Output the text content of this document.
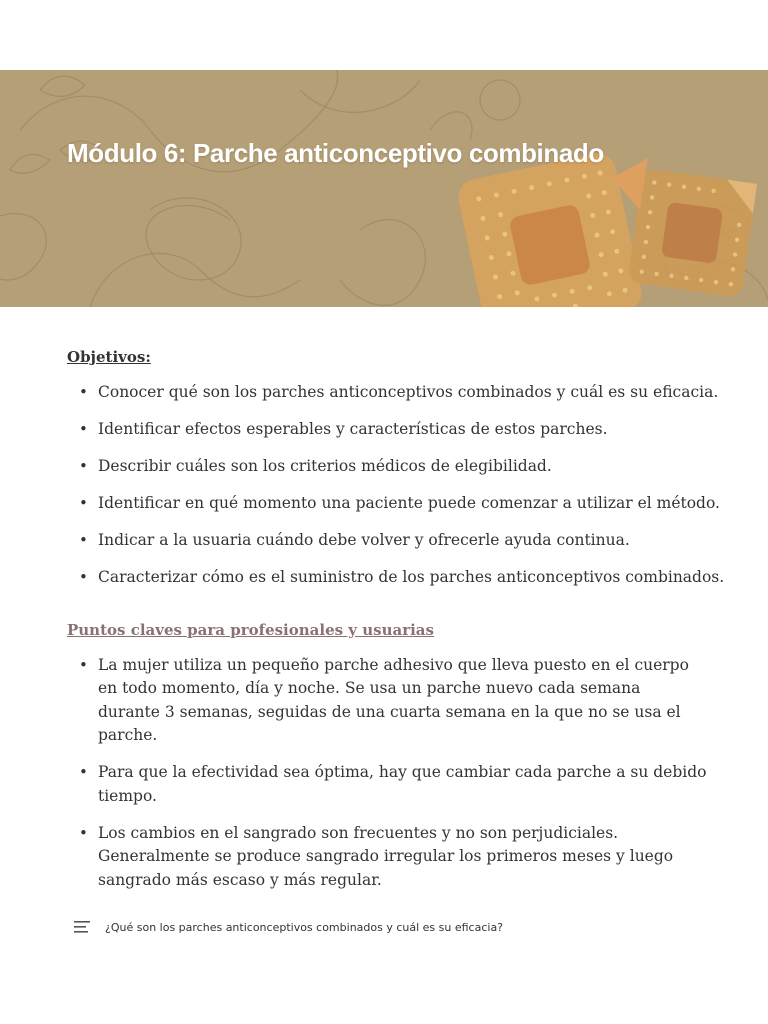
Módulo 6: Parche anticonceptivo combinado
Objetivos:
• Conocer qué son los parches anticonceptivos combinados y cuál es su eficacia.
• Identificar efectos esperables y características de estos parches.
• Describir cuáles son los criterios médicos de elegibilidad.
• Identificar en qué momento una paciente puede comenzar a utilizar el método.
• Indicar a la usuaria cuándo debe volver y ofrecerle ayuda continua.
• Caracterizar cómo es el suministro de los parches anticonceptivos combinados.
Puntos claves para profesionales y usuarias
• La mujer utiliza un pequeño parche adhesivo que lleva puesto en el cuerpo en todo momento, día y noche. Se usa un parche nuevo cada semana durante 3 semanas, seguidas de una cuarta semana en la que no se usa el parche.
• Para que la efectividad sea óptima, hay que cambiar cada parche a su debido tiempo.
• Los cambios en el sangrado son frecuentes y no son perjudiciales. Generalmente se produce sangrado irregular los primeros meses y luego sangrado más escaso y más regular.
¿Qué son los parches anticonceptivos combinados y cuál es su eficacia?
